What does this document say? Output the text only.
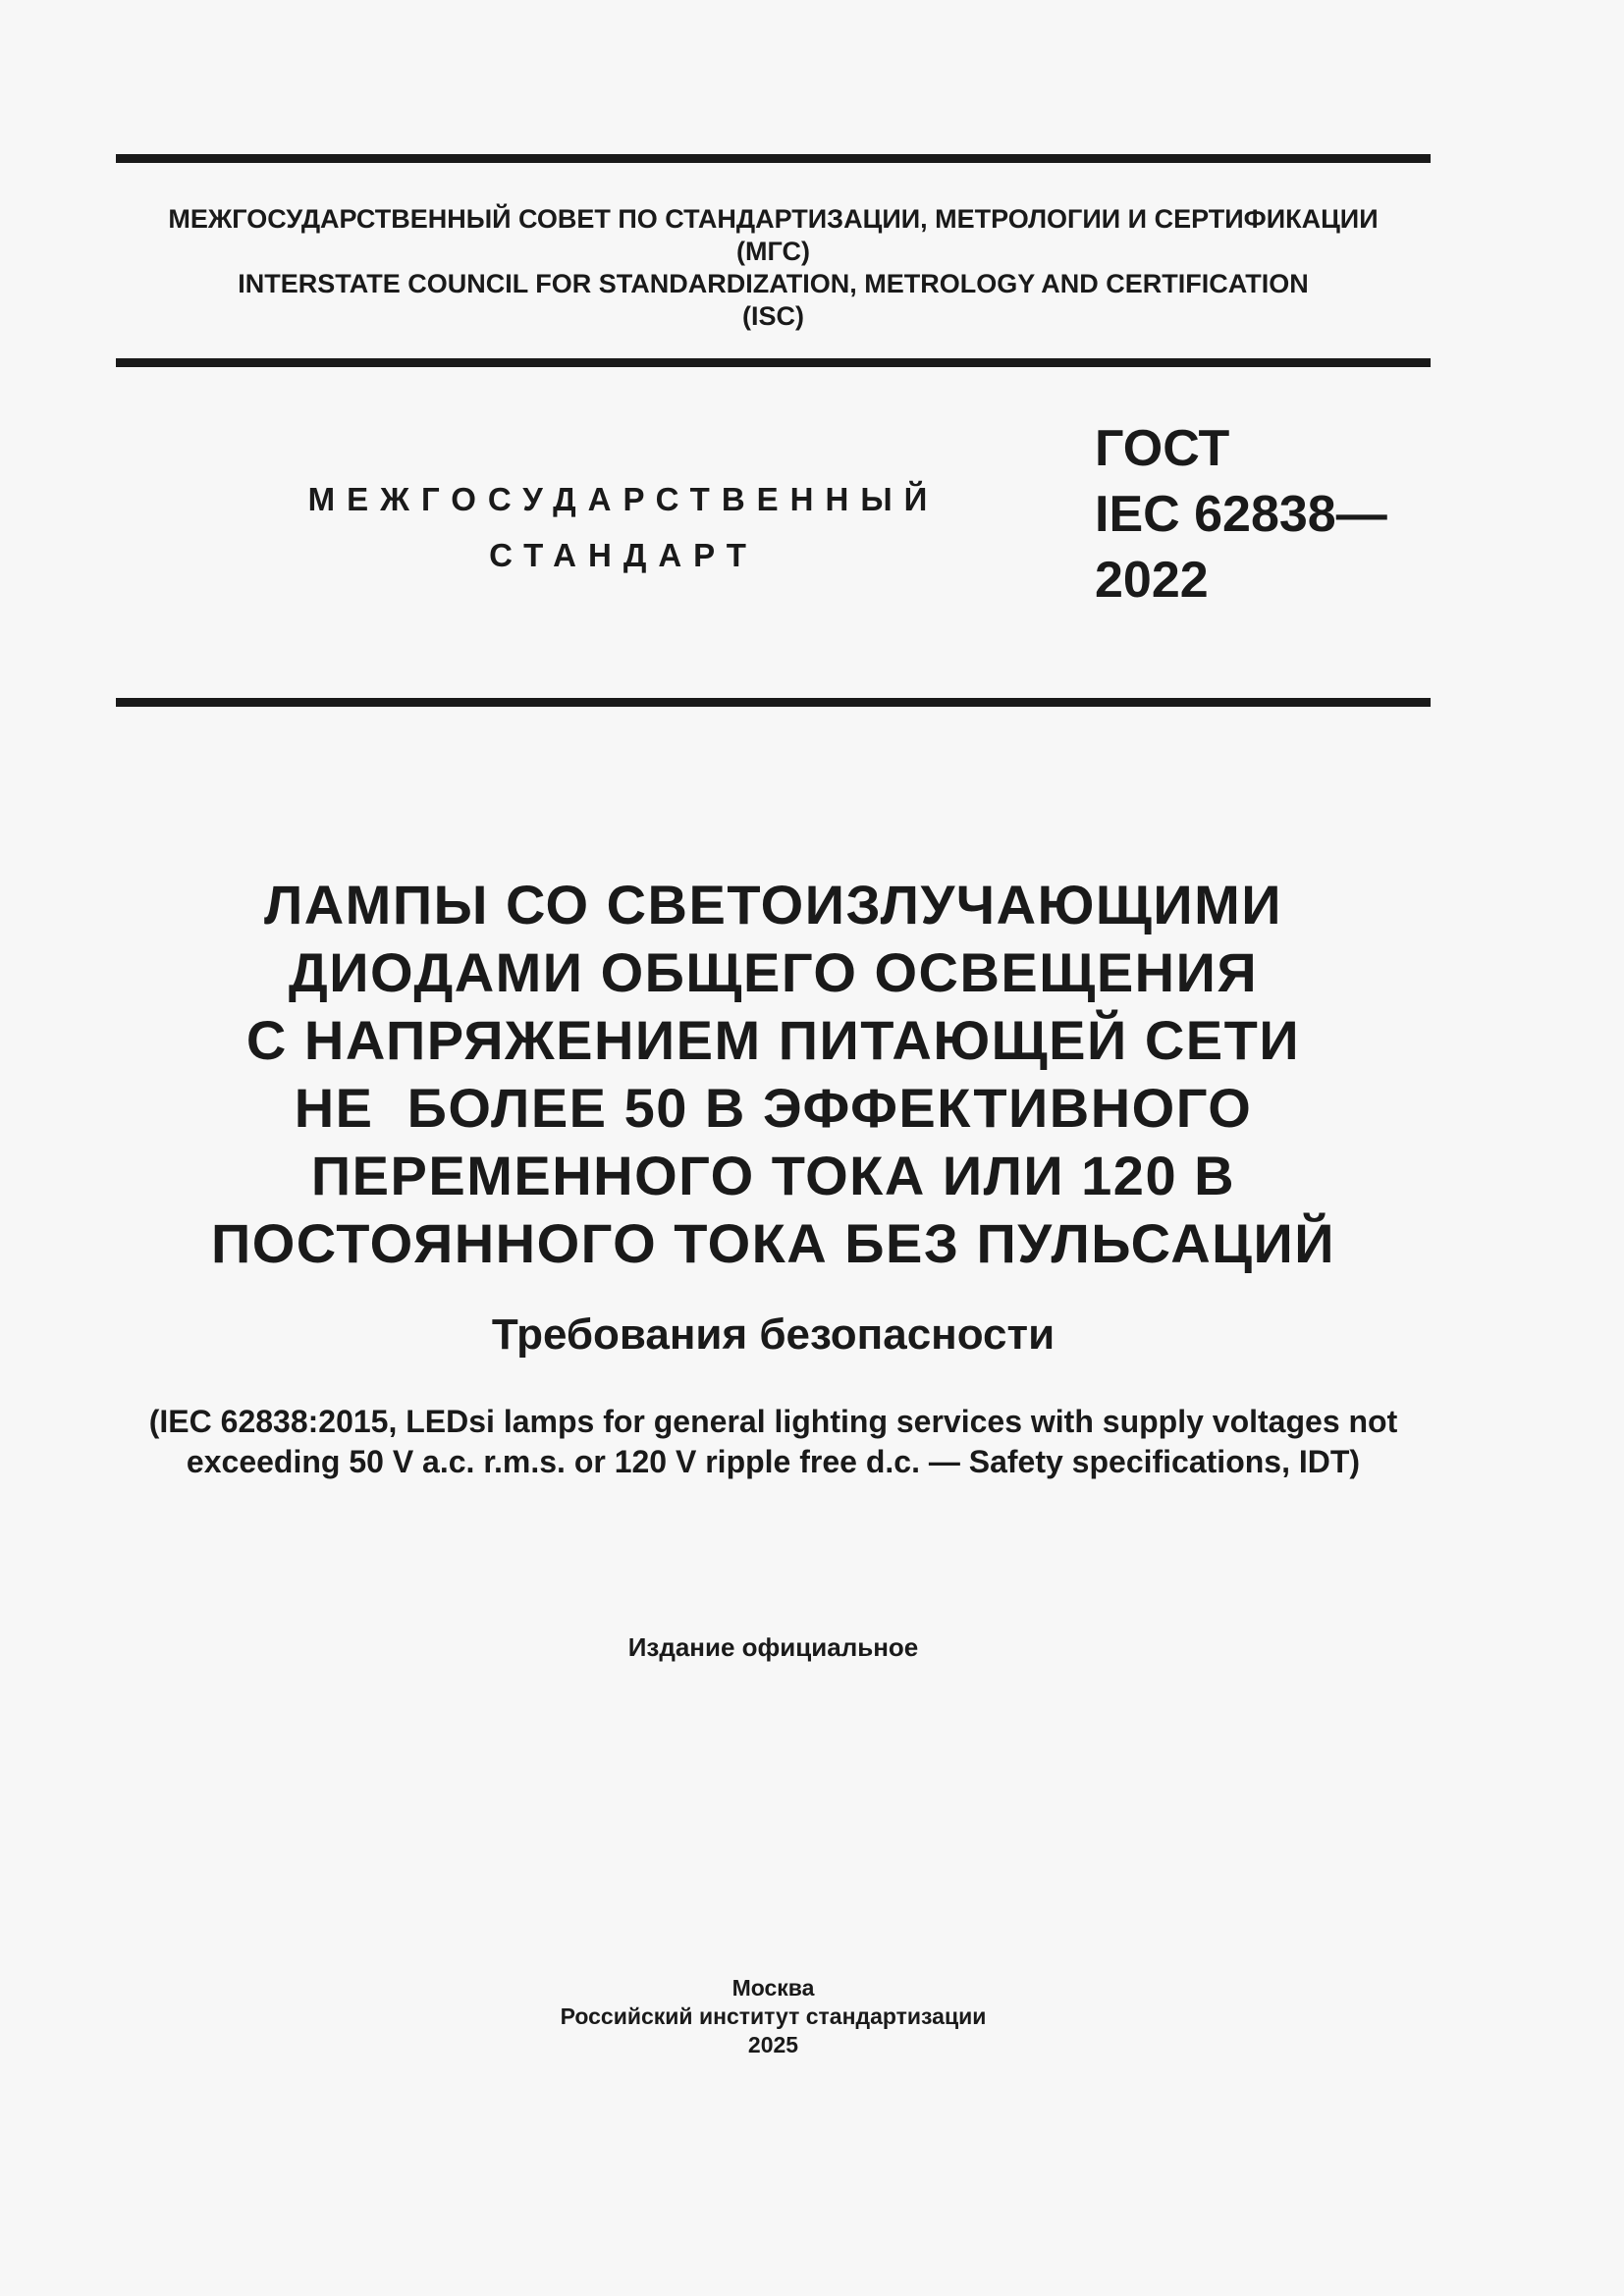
МЕЖГОСУДАРСТВЕННЫЙ СОВЕТ ПО СТАНДАРТИЗАЦИИ, МЕТРОЛОГИИ И СЕРТИФИКАЦИИ
(МГС)
INTERSTATE COUNCIL FOR STANDARDIZATION, METROLOGY AND CERTIFICATION
(ISC)
МЕЖГОСУДАРСТВЕННЫЙ
СТАНДАРТ
ГОСТ
IEC 62838—
2022
ЛАМПЫ СО СВЕТОИЗЛУЧАЮЩИМИ
ДИОДАМИ ОБЩЕГО ОСВЕЩЕНИЯ
С НАПРЯЖЕНИЕМ ПИТАЮЩЕЙ СЕТИ
НЕ  БОЛЕЕ 50 В ЭФФЕКТИВНОГО
ПЕРЕМЕННОГО ТОКА ИЛИ 120 В
ПОСТОЯННОГО ТОКА БЕЗ ПУЛЬСАЦИЙ
Требования безопасности
(IEC 62838:2015, LEDsi lamps for general lighting services with supply voltages not
exceeding 50 V a.c. r.m.s. or 120 V ripple free d.c. — Safety specifications, IDT)
Издание официальное
Москва
Российский институт стандартизации
2025
